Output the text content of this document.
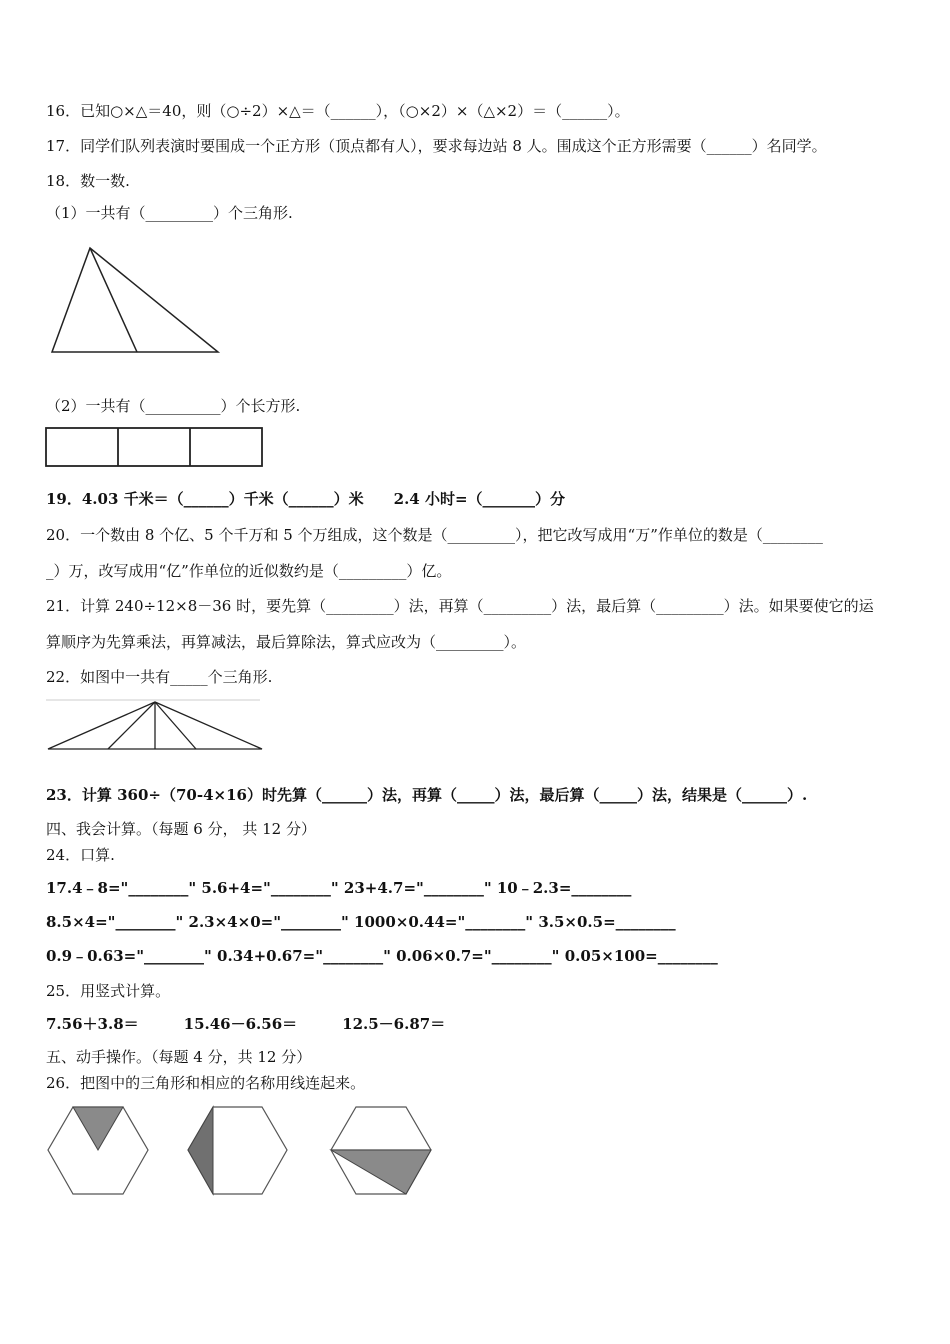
16．已知○×△＝40，则（○÷2）×△＝（______），（○×2）×（△×2）＝（______）。
17．同学们队列表演时要围成一个正方形（顶点都有人），要求每边站 8 人。围成这个正方形需要（______）名同学。
18．数一数.
（1）一共有（_________）个三角形.
（2）一共有（__________）个长方形.
19．4.03 千米＝（______）千米（______）米　　2.4 小时=（_______）分
20．一个数由 8 个亿、5 个千万和 5 个万组成，这个数是（_________），把它改写成用“万”作单位的数是（________
_）万，改写成用“亿”作单位的近似数约是（_________）亿。
21．计算 240÷12×8－36 时，要先算（_________）法，再算（_________）法，最后算（_________）法。如果要使它的运
算顺序为先算乘法，再算减法，最后算除法，算式应改为（_________）。
22．如图中一共有_____个三角形.
23．计算 360÷（70-4×16）时先算（______）法，再算（_____）法，最后算（_____）法，结果是（______）.
四、我会计算。（每题 6 分， 共 12 分）
24．口算.
17.4﹣8="________" 5.6+4="________" 23+4.7="________" 10﹣2.3=________
8.5×4="________" 2.3×4×0="________" 1000×0.44="________" 3.5×0.5=________
0.9﹣0.63="________" 0.34+0.67="________" 0.06×0.7="________" 0.05×100=________
25．用竖式计算。
7.56＋3.8＝　　　15.46－6.56＝　　　12.5－6.87＝
五、动手操作。（每题 4 分，共 12 分）
26．把图中的三角形和相应的名称用线连起来。
